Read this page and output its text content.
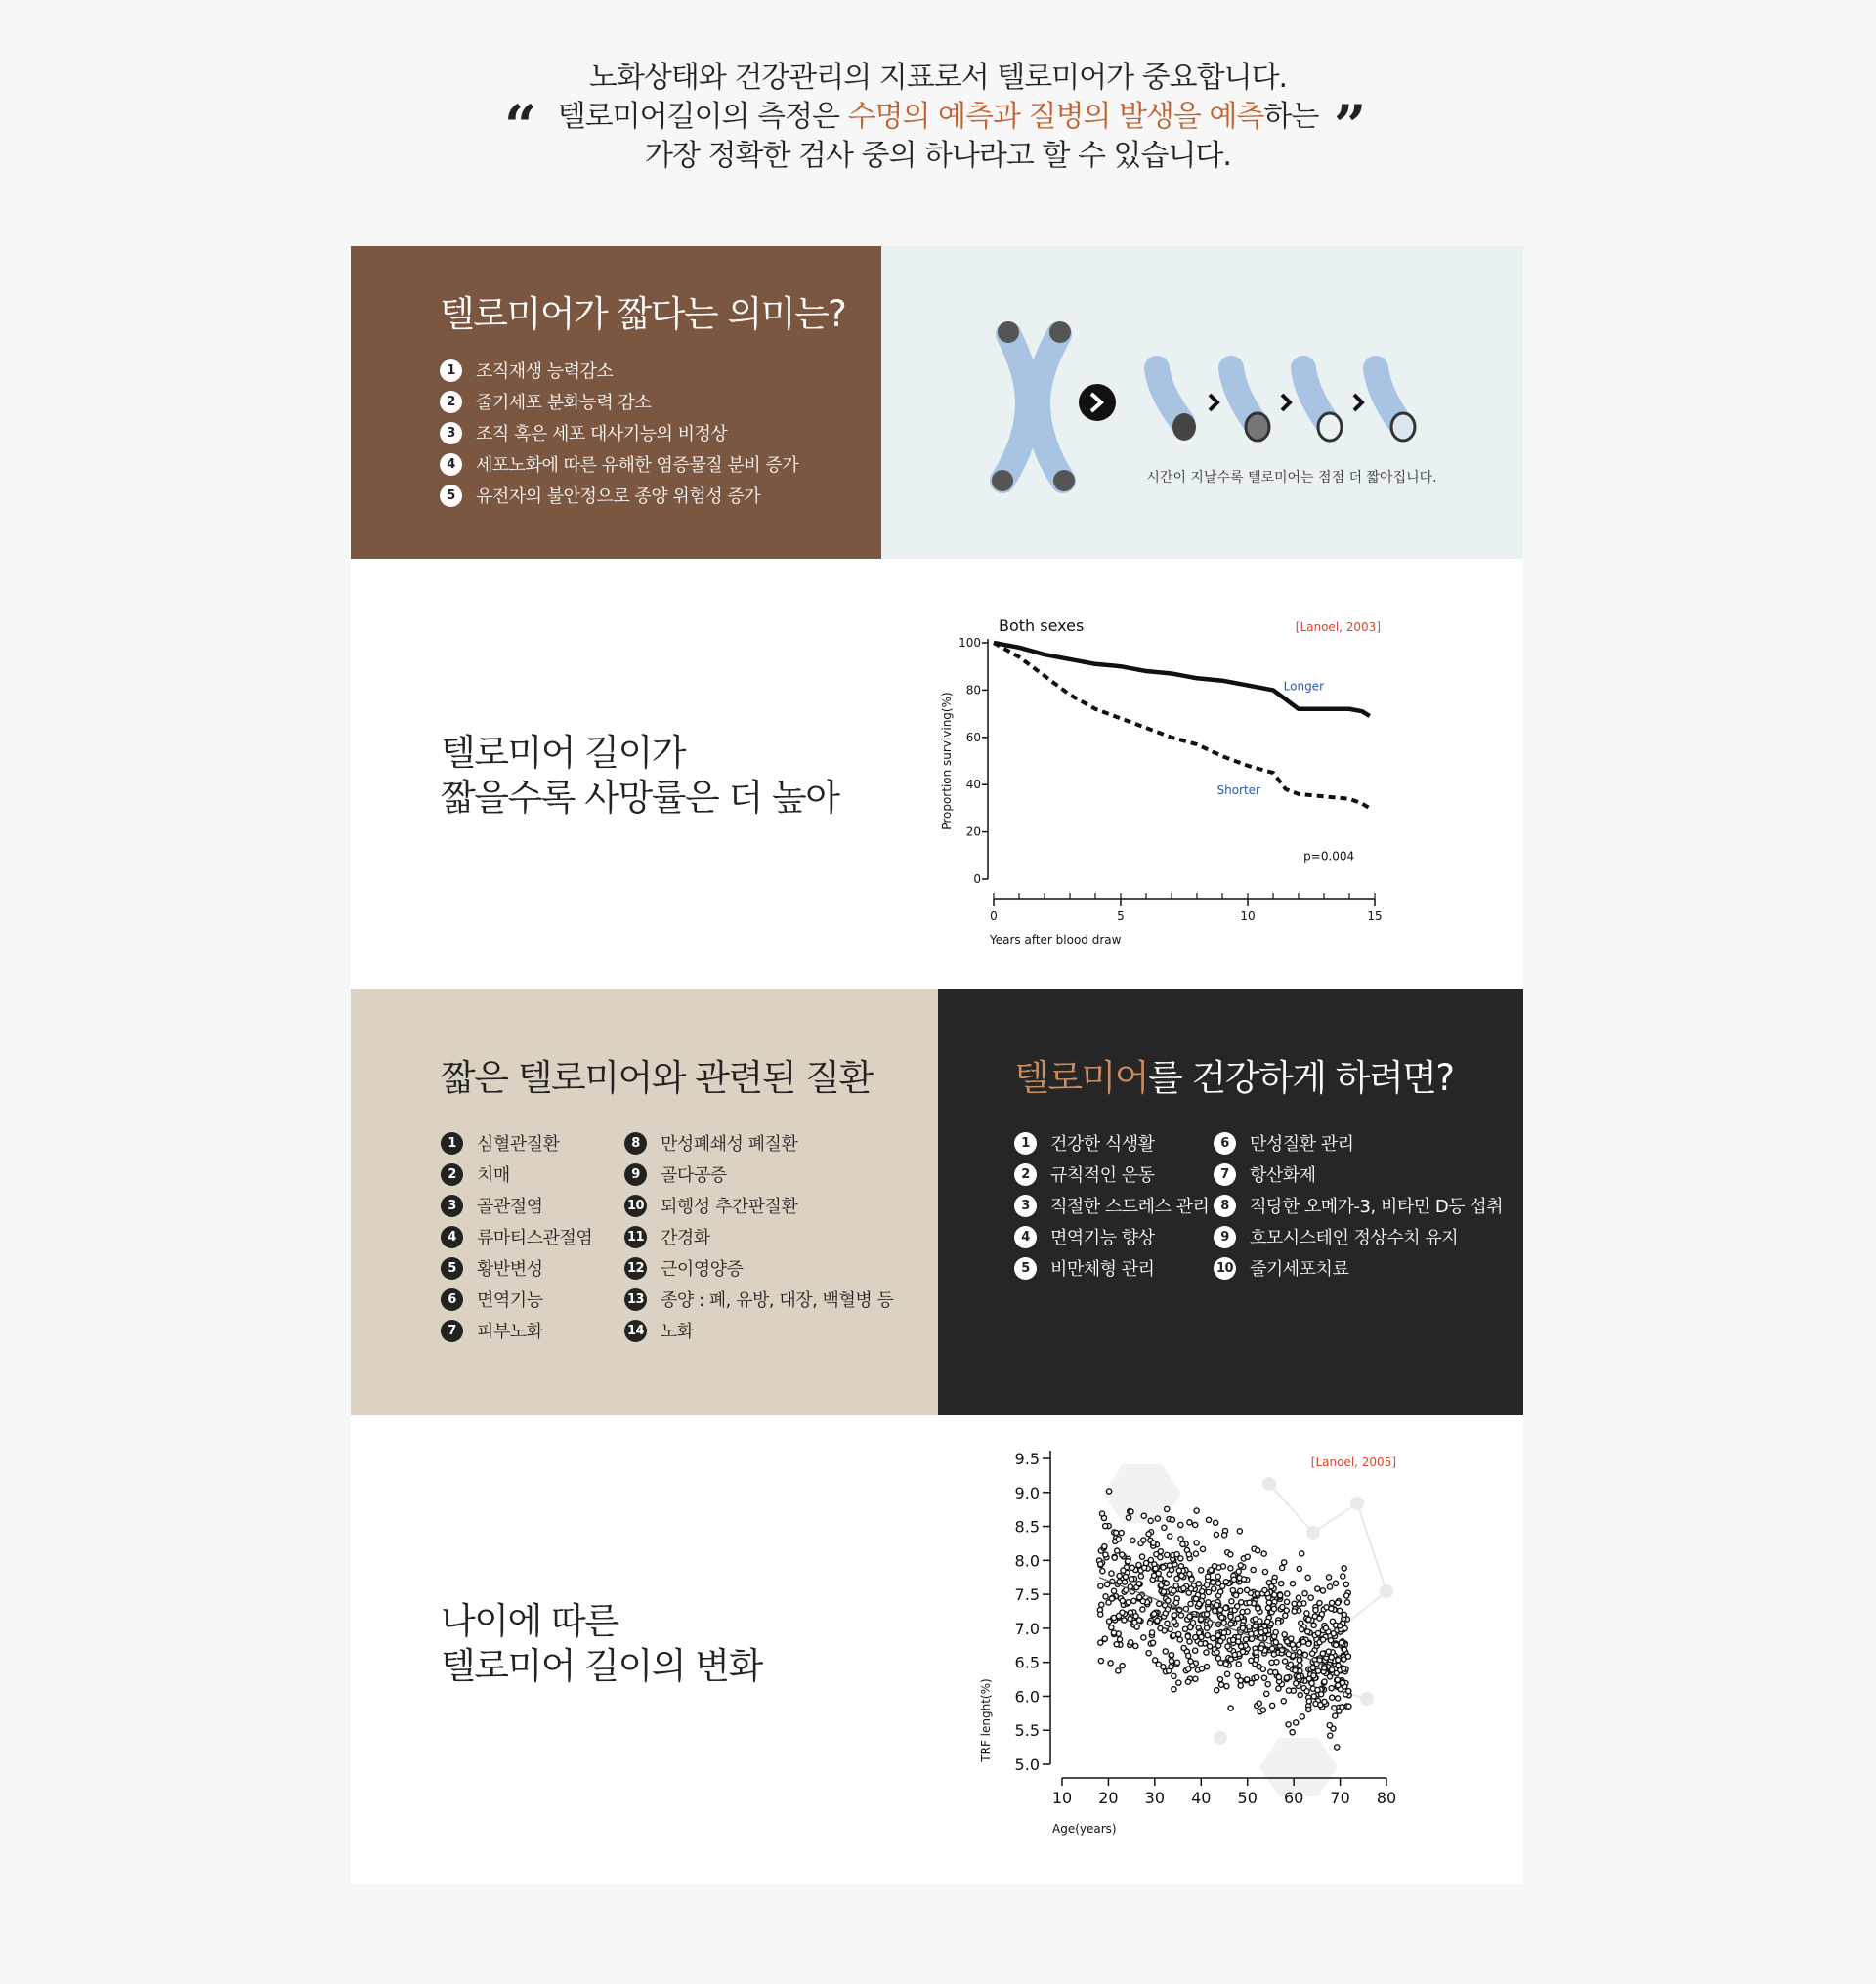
노화상태와 건강관리의 지표로서 텔로미어가 중요합니다.
텔로미어길이의 측정은 수명의 예측과 질병의 발생을 예측하는
가장 정확한 검사 중의 하나라고 할 수 있습니다.
“	”
텔로미어가 짧다는 의미는?
1	조직재생 능력감소
2	줄기세포 분화능력 감소
3	조직 혹은 세포 대사기능의 비정상
4	세포노화에 따른 유해한 염증물질 분비 증가
5	유전자의 불안정으로 종양 위험성 증가
시간이 지날수록 텔로미어는 점점 더 짧아집니다.
텔로미어 길이가
짧을수록 사망률은 더 높아
Both sexes	[Lanoel, 2003]
0
20
40
60
80
100
0	5	10	15
Years after blood draw
Proportion surviving(%)
Longer
Shorter
p=0.004
짧은 텔로미어와 관련된 질환
1	심혈관질환
2	치매
3	골관절염
4	류마티스관절염
5	황반변성
6	면역기능
7	피부노화
8	만성폐쇄성 폐질환
9	골다공증
10 퇴행성 추간판질환
11 간경화
12 근이영양증
13 종양 : 폐, 유방, 대장, 백혈병 등
14 노화
텔로미어를 건강하게 하려면?
1	건강한 식생활
2	규칙적인 운동
3	적절한 스트레스 관리
4	면역기능 향상
5	비만체형 관리
6	만성질환 관리
7	항산화제
8	적당한 오메가-3, 비타민 D등 섭취
9	호모시스테인 정상수치 유지
10 줄기세포치료
나이에 따른
텔로미어 길이의 변화
[Lanoel, 2005]
5.0
5.5
6.0
6.5
7.0
7.5
8.0
8.5
9.0
9.5
10 20 30 40 50 60 70 80
Age(years)
TRF lenght(%)
